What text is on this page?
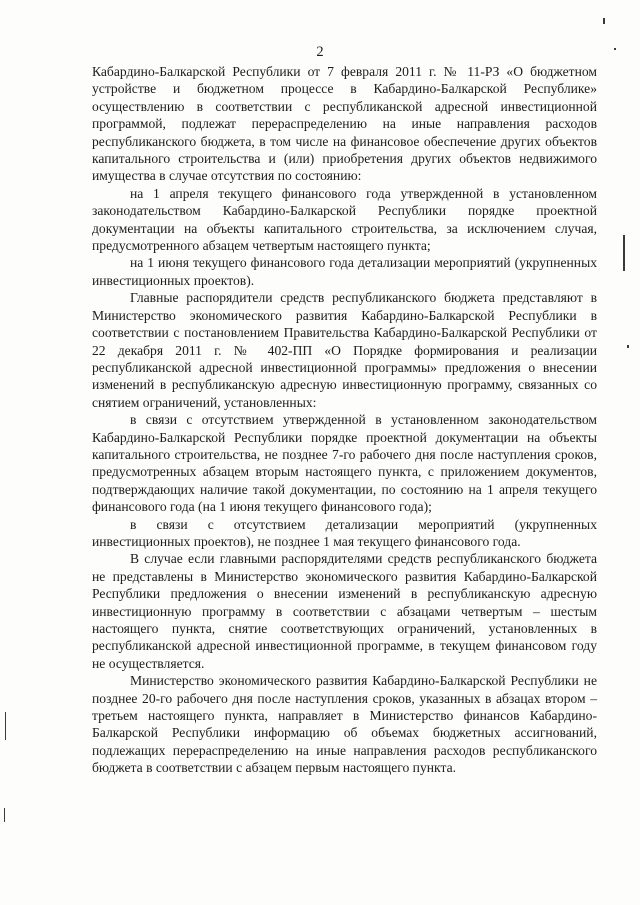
2

Кабардино-Балкарской Республики от 7 февраля 2011 г. № 11-РЗ «О бюджетном устройстве и бюджетном процессе в Кабардино-Балкарской Республике» осуществлению в соответствии с республиканской адресной инвестиционной программой, подлежат перераспределению на иные направления расходов республиканского бюджета, в том числе на финансовое обеспечение других объектов капитального строительства и (или) приобретения других объектов недвижимого имущества в случае отсутствия по состоянию:

на 1 апреля текущего финансового года утвержденной в установленном законодательством Кабардино-Балкарской Республики порядке проектной документации на объекты капитального строительства, за исключением случая, предусмотренного абзацем четвертым настоящего пункта;

на 1 июня текущего финансового года детализации мероприятий (укрупненных инвестиционных проектов).

Главные распорядители средств республиканского бюджета представляют в Министерство экономического развития Кабардино-Балкарской Республики в соответствии с постановлением Правительства Кабардино-Балкарской Республики от 22 декабря 2011 г. № 402-ПП «О Порядке формирования и реализации республиканской адресной инвестиционной программы» предложения о внесении изменений в республиканскую адресную инвестиционную программу, связанных со снятием ограничений, установленных:

в связи с отсутствием утвержденной в установленном законодательством Кабардино-Балкарской Республики порядке проектной документации на объекты капитального строительства, не позднее 7-го рабочего дня после наступления сроков, предусмотренных абзацем вторым настоящего пункта, с приложением документов, подтверждающих наличие такой документации, по состоянию на 1 апреля текущего финансового года (на 1 июня текущего финансового года);

в связи с отсутствием детализации мероприятий (укрупненных инвестиционных проектов), не позднее 1 мая текущего финансового года.

В случае если главными распорядителями средств республиканского бюджета не представлены в Министерство экономического развития Кабардино-Балкарской Республики предложения о внесении изменений в республиканскую адресную инвестиционную программу в соответствии с абзацами четвертым – шестым настоящего пункта, снятие соответствующих ограничений, установленных в республиканской адресной инвестиционной программе, в текущем финансовом году не осуществляется.

Министерство экономического развития Кабардино-Балкарской Республики не позднее 20-го рабочего дня после наступления сроков, указанных в абзацах втором – третьем настоящего пункта, направляет в Министерство финансов Кабардино-Балкарской Республики информацию об объемах бюджетных ассигнований, подлежащих перераспределению на иные направления расходов республиканского бюджета в соответствии с абзацем первым настоящего пункта.
